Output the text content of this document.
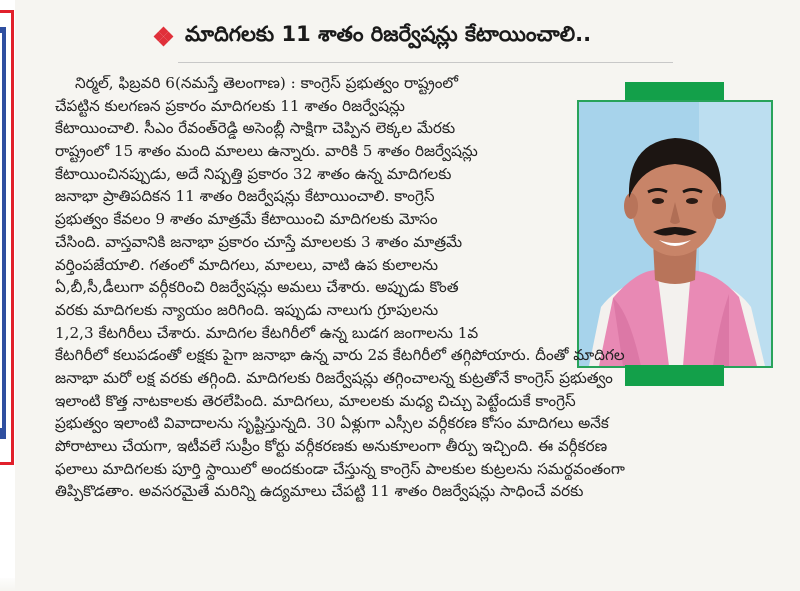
మాదిగలకు 11 శాతం రిజర్వేషన్లు కేటాయించాలి..
నిర్మల్, ఫిబ్రవరి 6(నమస్తే తెలంగాణ) : కాంగ్రెస్ ప్రభుత్వం రాష్ట్రంలో
చేపట్టిన కులగణన ప్రకారం మాదిగలకు 11 శాతం రిజర్వేషన్లు
కేటాయించాలి. సీఎం రేవంత్‌రెడ్డి అసెంబ్లీ సాక్షిగా చెప్పిన లెక్కల మేరకు
రాష్ట్రంలో 15 శాతం మంది మాలలు ఉన్నారు. వారికి 5 శాతం రిజర్వేషన్లు
కేటాయించినప్పుడు, అదే నిష్పత్తి ప్రకారం 32 శాతం ఉన్న మాదిగలకు
జనాభా ప్రాతిపదికన 11 శాతం రిజర్వేషన్లు కేటాయించాలి. కాంగ్రెస్
ప్రభుత్వం కేవలం 9 శాతం మాత్రమే కేటాయించి మాదిగలకు మోసం
చేసింది. వాస్తవానికి జనాభా ప్రకారం చూస్తే మాలలకు 3 శాతం మాత్రమే
వర్తింపజేయాలి. గతంలో మాదిగలు, మాలలు, వాటి ఉప కులాలను
ఏ,బీ,సీ,డీలుగా వర్గీకరించి రిజర్వేషన్లు అమలు చేశారు. అప్పుడు కొంత
వరకు మాదిగలకు న్యాయం జరిగింది. ఇప్పుడు నాలుగు గ్రూపులను
1,2,3 కేటగిరీలు చేశారు. మాదిగల కేటగిరీలో ఉన్న బుడగ జంగాలను 1వ
కేటగిరీలో కలుపడంతో లక్షకు పైగా జనాభా ఉన్న వారు 2వ కేటగిరీలో తగ్గిపోయారు. దీంతో మాదిగల
జనాభా మరో లక్ష వరకు తగ్గింది. మాదిగలకు రిజర్వేషన్లు తగ్గించాలన్న కుట్రతోనే కాంగ్రెస్ ప్రభుత్వం
ఇలాంటి కొత్త నాటకాలకు తెరలేపింది. మాదిగలు, మాలలకు మధ్య చిచ్చు పెట్టేందుకే కాంగ్రెస్
ప్రభుత్వం ఇలాంటి వివాదాలను సృష్టిస్తున్నది. 30 ఏళ్లుగా ఎస్సీల వర్గీకరణ కోసం మాదిగలు అనేక
పోరాటాలు చేయగా, ఇటీవలే సుప్రీం కోర్టు వర్గీకరణకు అనుకూలంగా తీర్పు ఇచ్చింది. ఈ వర్గీకరణ
ఫలాలు మాదిగలకు పూర్తి స్థాయిలో అందకుండా చేస్తున్న కాంగ్రెస్ పాలకుల కుట్రలను సమర్థవంతంగా
తిప్పికొడతాం. అవసరమైతే మరిన్ని ఉద్యమాలు చేపట్టి 11 శాతం రిజర్వేషన్లు సాధించే వరకు
